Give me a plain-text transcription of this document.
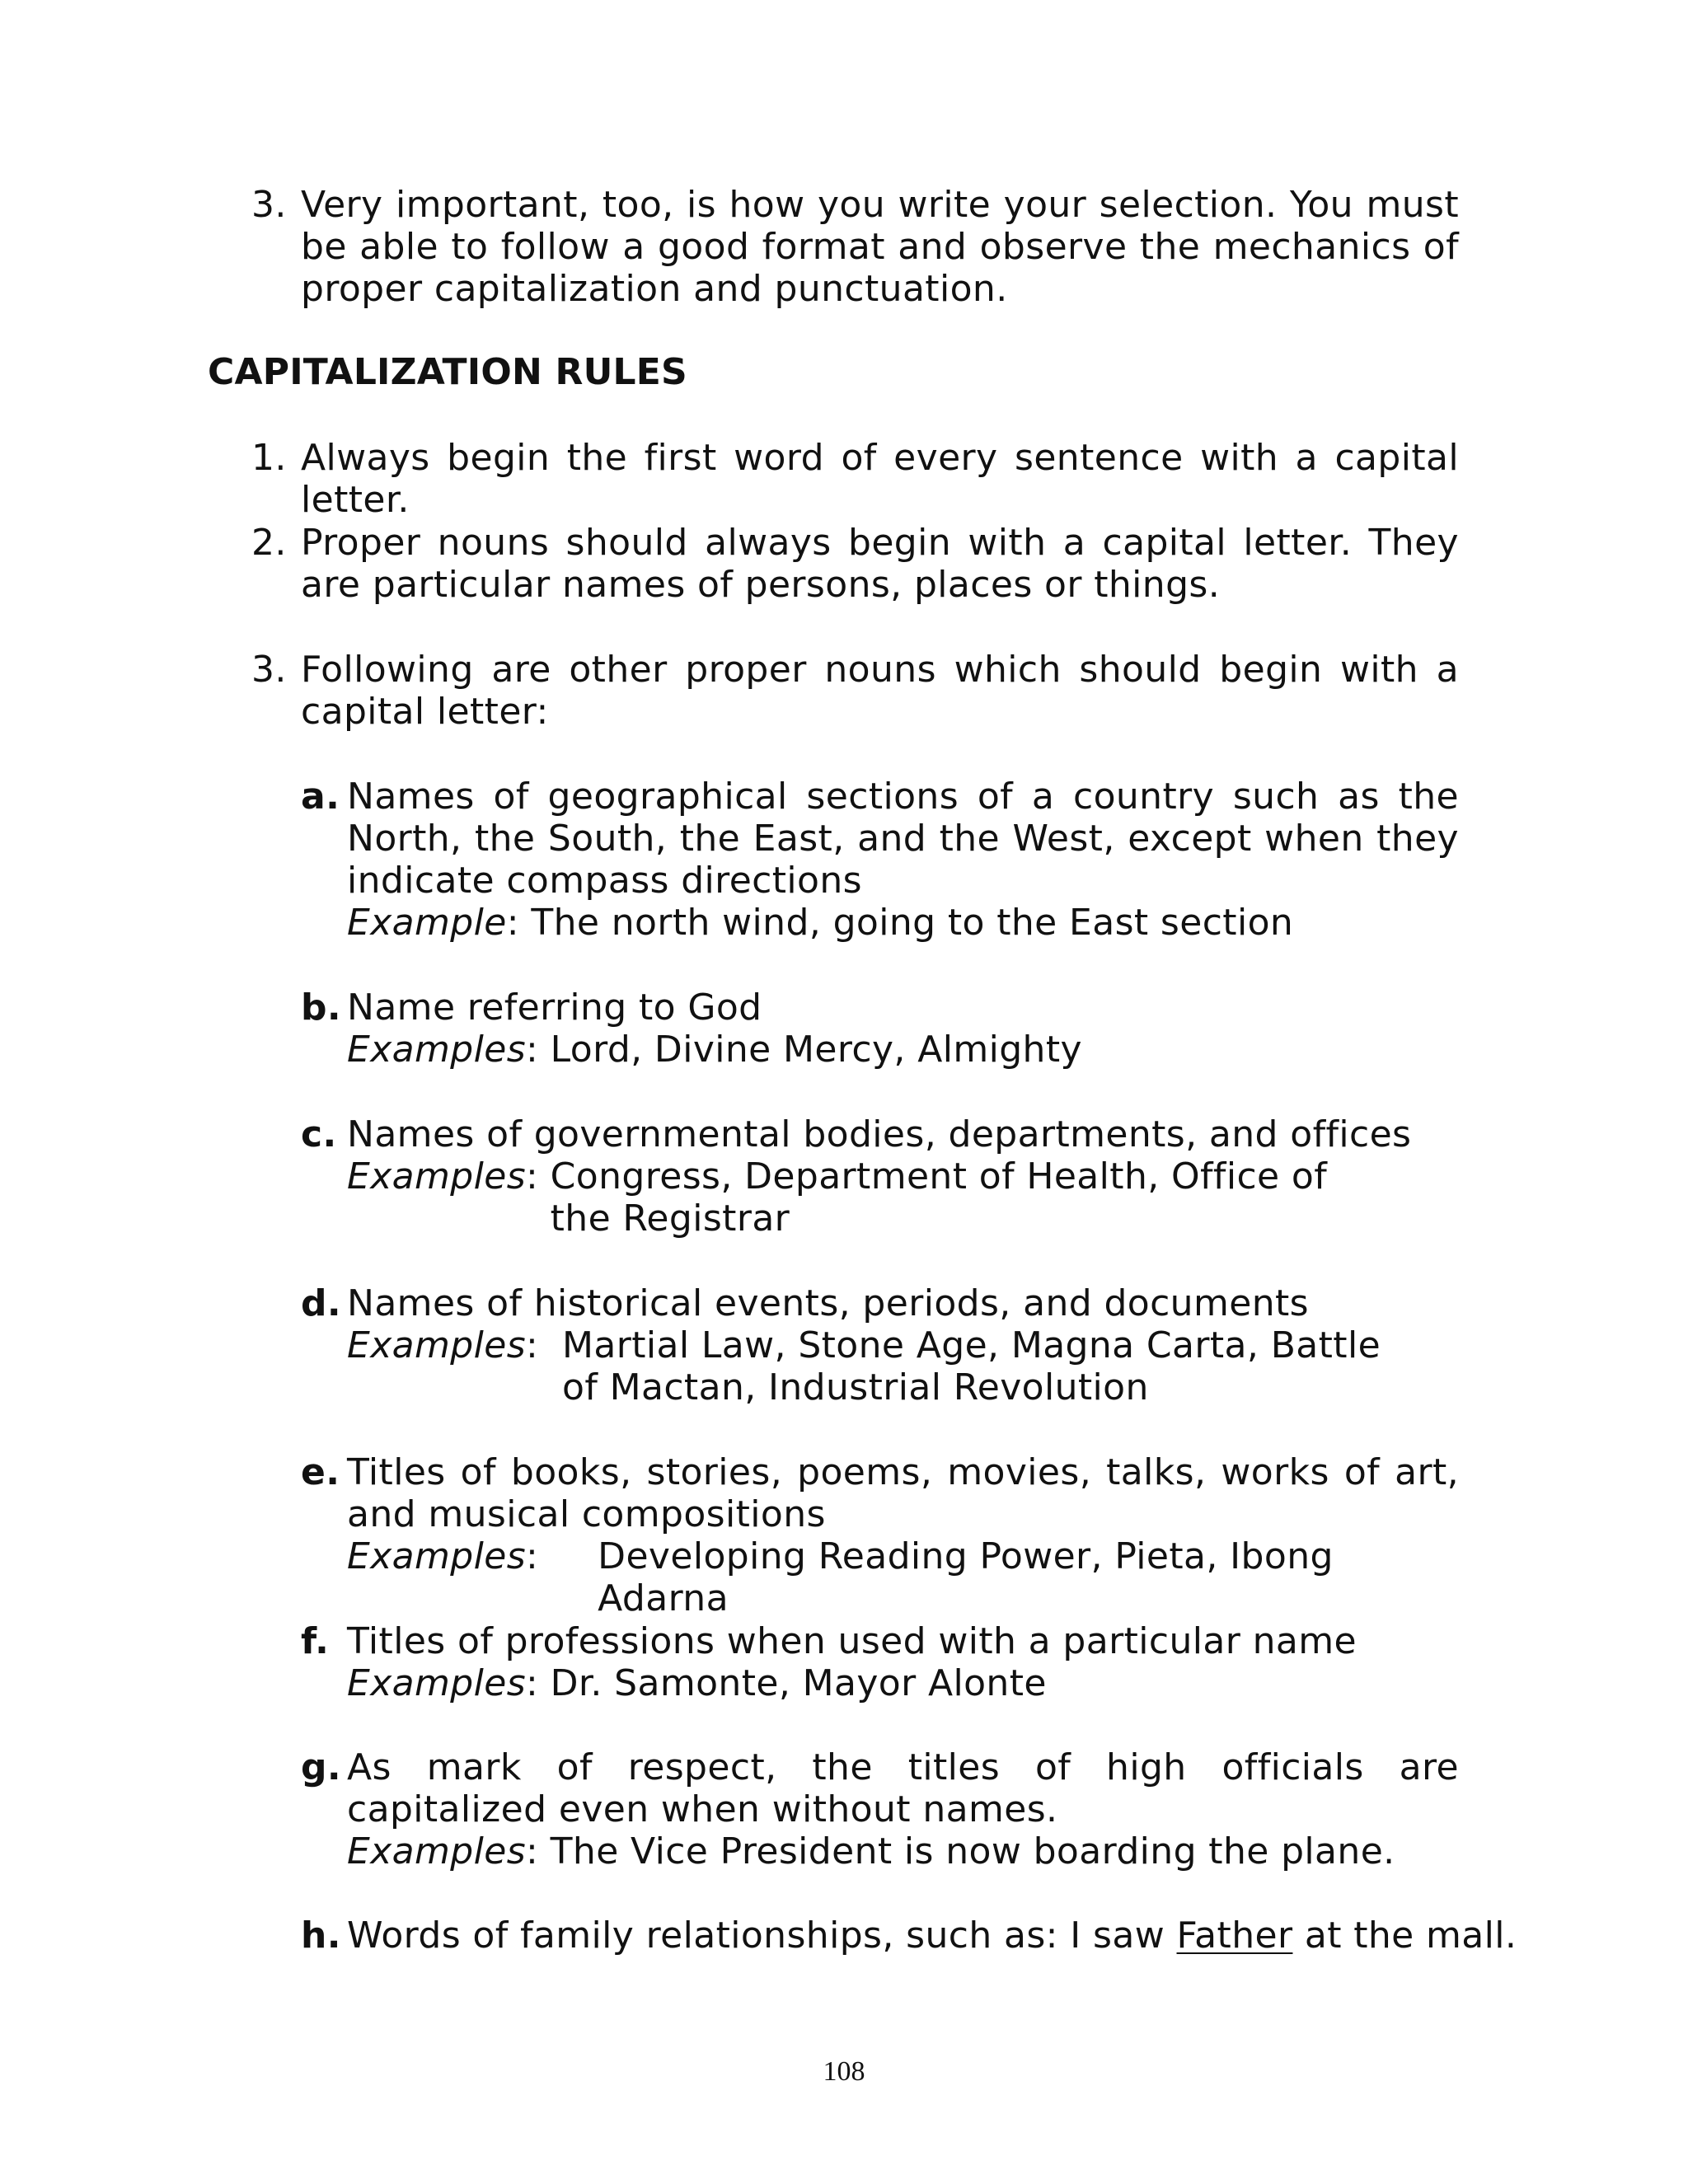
3. Very important, too, is how you write your selection. You must be able to follow a good format and observe the mechanics of proper capitalization and punctuation.
CAPITALIZATION RULES
1. Always begin the first word of every sentence with a capital letter.
2. Proper nouns should always begin with a capital letter. They are particular names of persons, places or things.
3. Following are other proper nouns which should begin with a capital letter:
a. Names of geographical sections of a country such as the North, the South, the East, and the West, except when they indicate compass directions
Example : The north wind, going to the East section
b. Name referring to God
Examples : Lord, Divine Mercy, Almighty
c. Names of governmental bodies, departments, and offices
Examples : Congress, Department of Health, Office of the Registrar
d. Names of historical events, periods, and documents
Examples : Martial Law, Stone Age, Magna Carta, Battle of Mactan, Industrial Revolution
e. Titles of books, stories, poems, movies, talks, works of art, and musical compositions
Examples : Developing Reading Power, Pieta, Ibong Adarna
f. Titles of professions when used with a particular name
Examples : Dr. Samonte, Mayor Alonte
g. As mark of respect, the titles of high officials are capitalized even when without names.
Examples : The Vice President is now boarding the plane.
h. Words of family relationships, such as: I saw Father at the mall.
108
